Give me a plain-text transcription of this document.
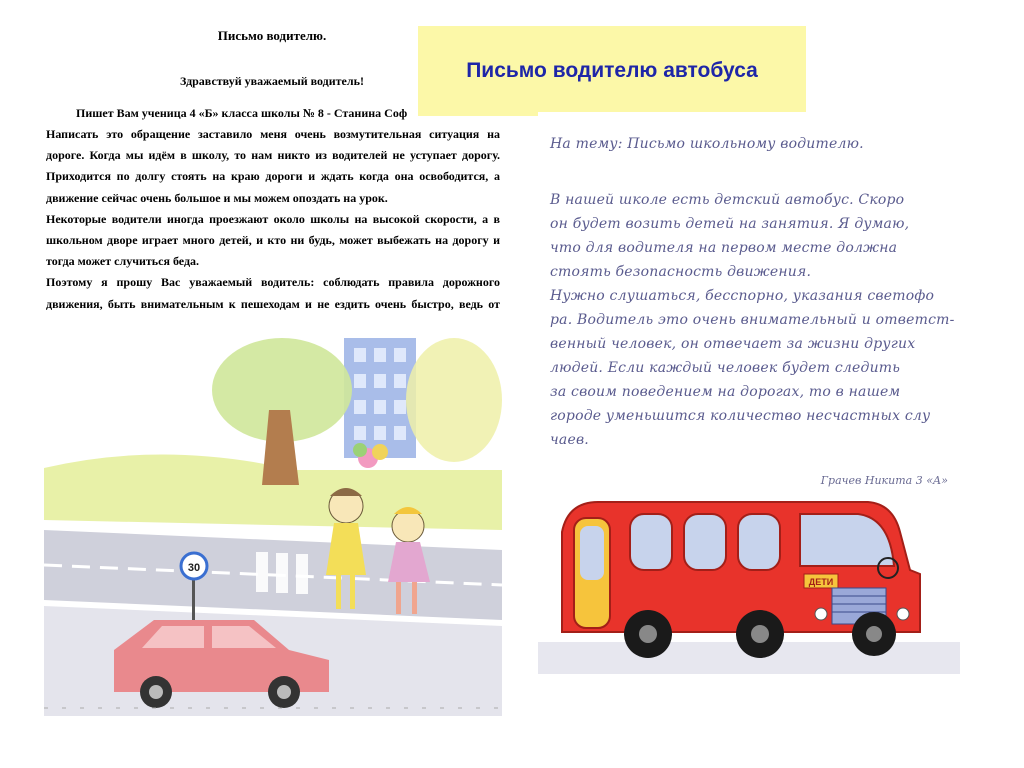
Письмо водителю автобуса
Письмо водителю.
Здравствуй уважаемый водитель!
Пишет Вам ученица 4 «Б» класса школы № 8 - Станина Соф

Написать это обращение заставило меня очень возмутительная ситуация на дороге. Когда мы идём в школу, то нам никто из водителей не уступает дорогу. Приходится по долгу стоять на краю дороги и ждать когда она освободится, а движение сейчас очень большое и мы можем опоздать на урок.

Некоторые водители иногда проезжают около школы на высокой скорости, а в школьном дворе играет много детей, и кто ни будь, может выбежать на дорогу и тогда может случиться беда.

Поэтому я прошу Вас уважаемый водитель: соблюдать правила дорожного движения, быть внимательным к пешеходам и не ездить очень быстро, ведь от

30
На тему: Письмо школьному водителю.
В нашей школе есть детский автобус. Скоро
он будет возить детей на занятия. Я думаю,
что для водителя на первом месте должна
стоять безопасность движения.
Нужно слушаться, бесспорно, указания светофо
ра. Водитель это очень внимательный и ответст-
венный человек, он отвечает за жизни других
людей. Если каждый человек будет следить
за своим поведением на дорогах, то в нашем
городе уменьшится количество несчастных слу
чаев.
Грачев Никита 3 «А»
ДЕТИ
